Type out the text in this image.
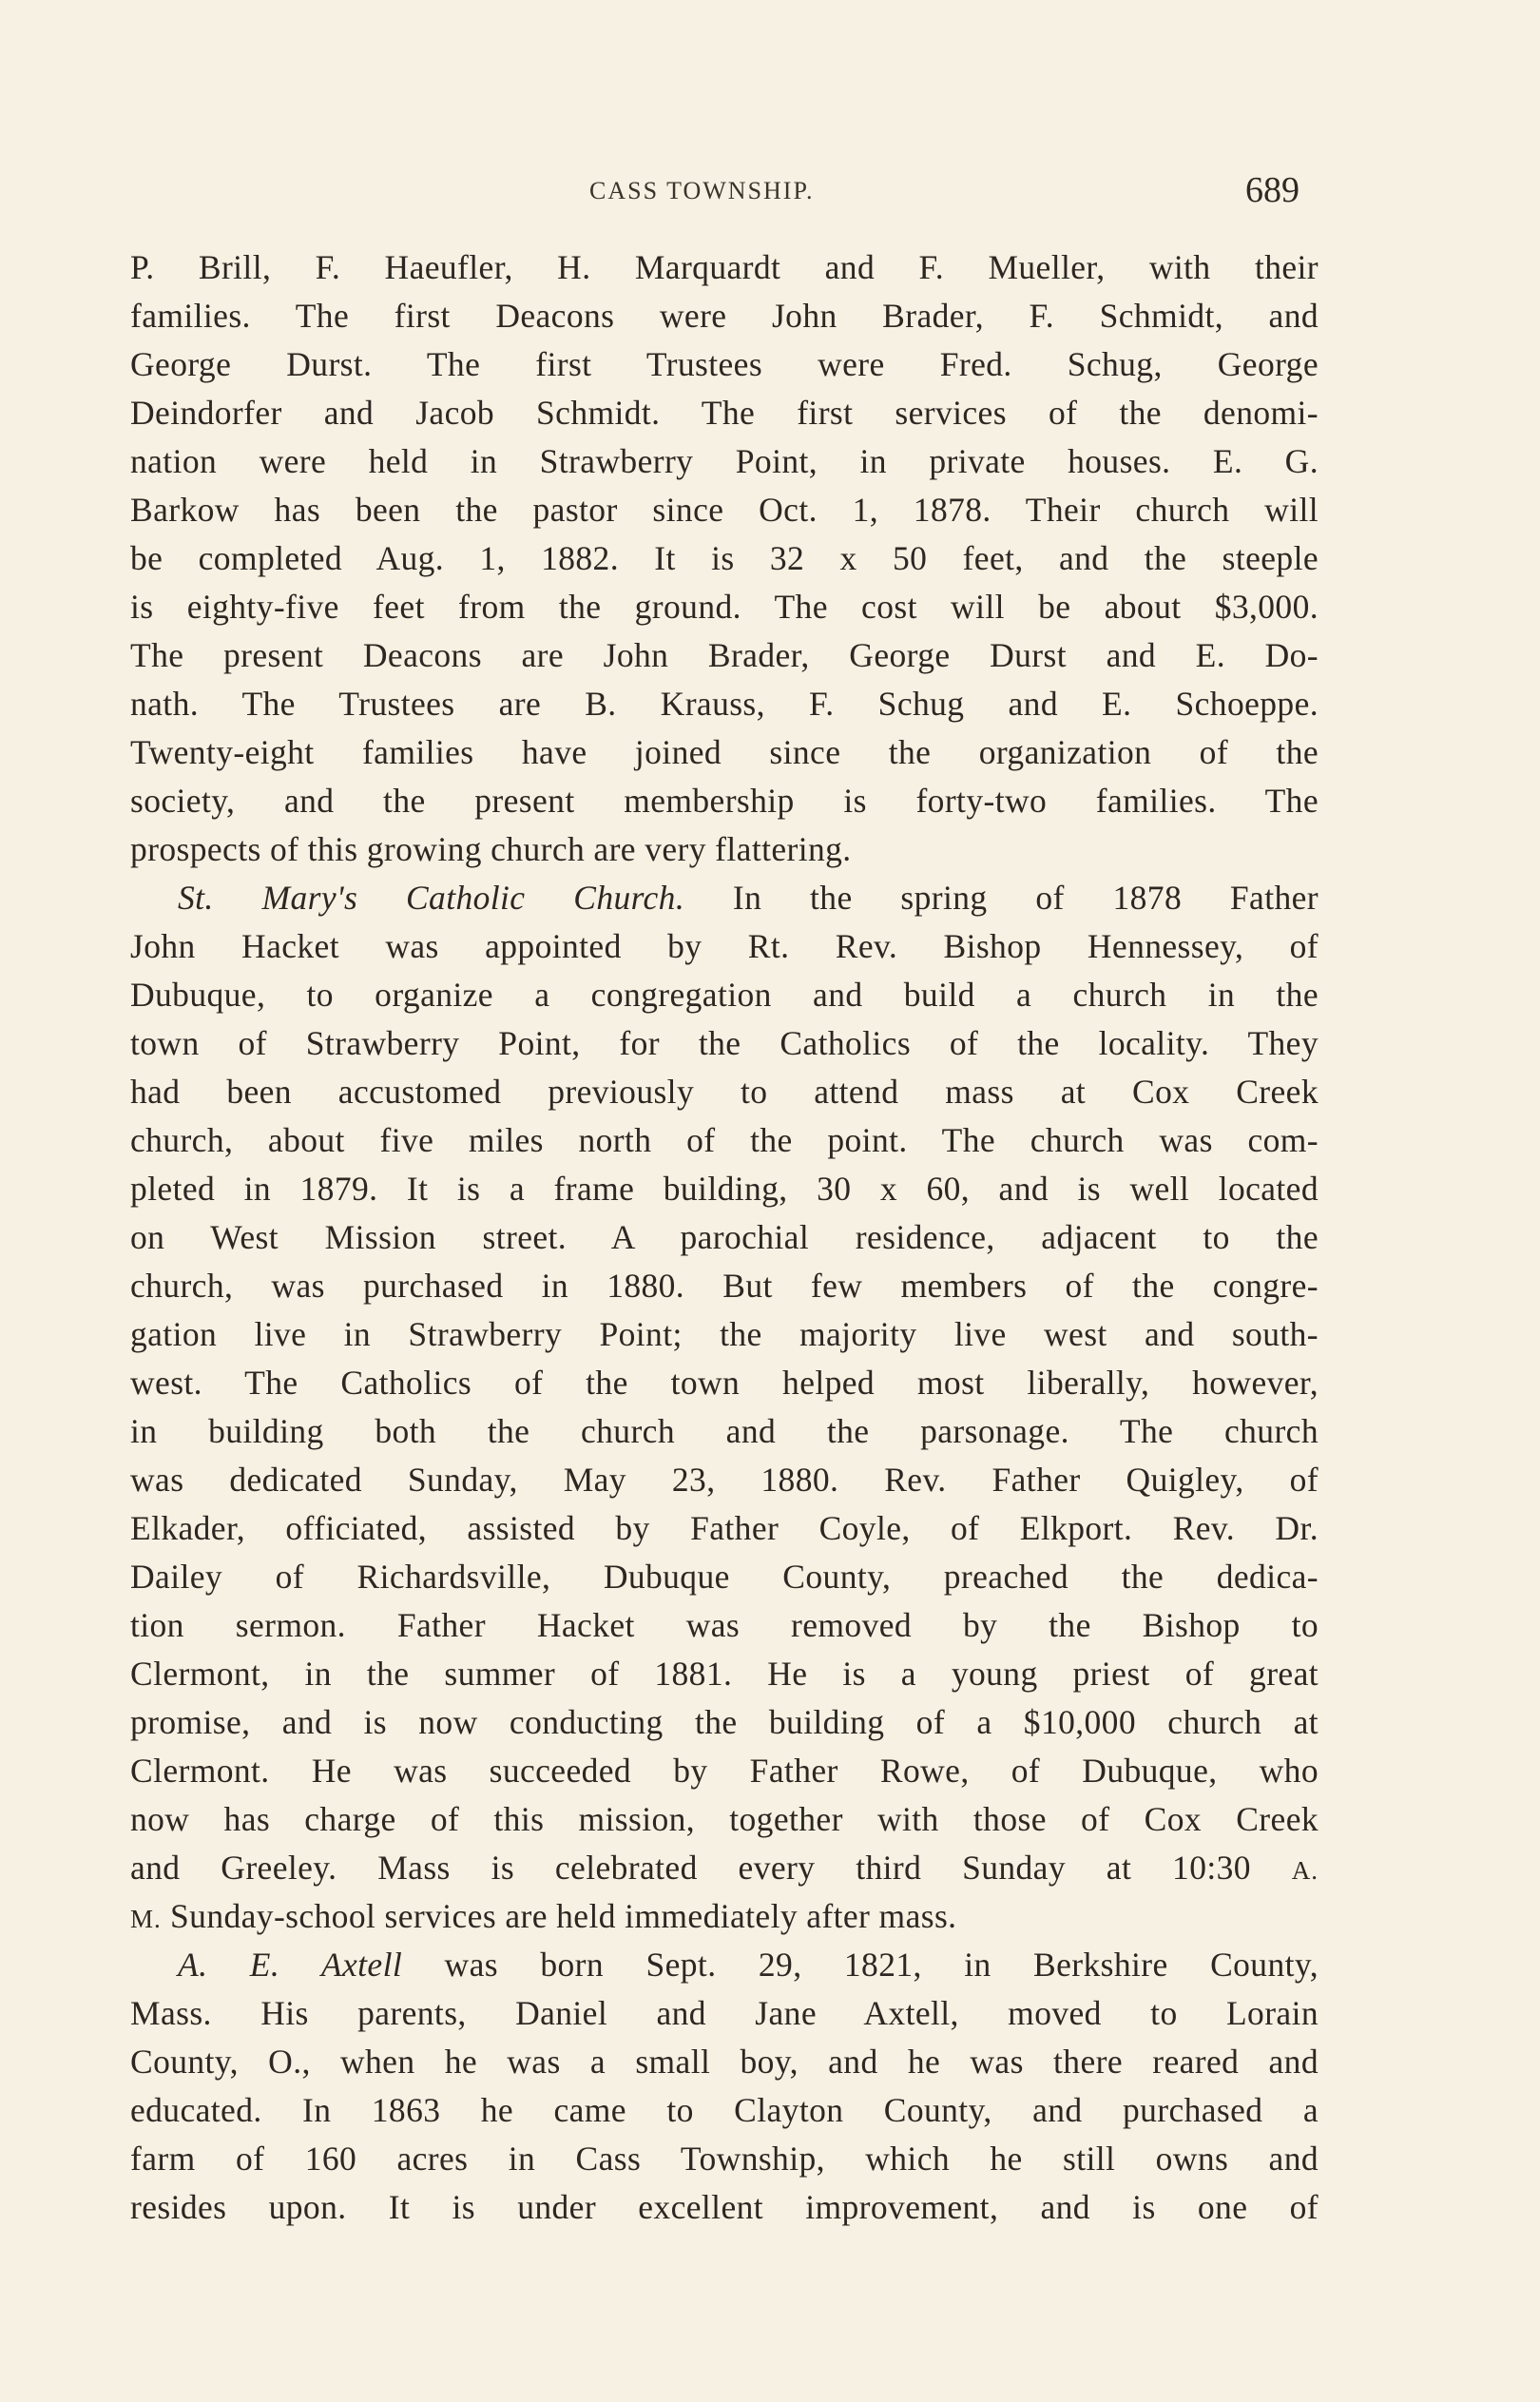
CASS TOWNSHIP.	689
P. Brill, F. Haeufler, H. Marquardt and F. Mueller, with their
families. The first Deacons were John Brader, F. Schmidt, and
George Durst. The first Trustees were Fred. Schug, George
Deindorfer and Jacob Schmidt. The first services of the denomi-
nation were held in Strawberry Point, in private houses. E. G.
Barkow has been the pastor since Oct. 1, 1878. Their church will
be completed Aug. 1, 1882. It is 32 x 50 feet, and the steeple
is eighty-five feet from the ground. The cost will be about $3,000.
The present Deacons are John Brader, George Durst and E. Do-
nath. The Trustees are B. Krauss, F. Schug and E. Schoeppe.
Twenty-eight families have joined since the organization of the
society, and the present membership is forty-two families. The
prospects of this growing church are very flattering.
St. Mary's Catholic Church. In the spring of 1878 Father
John Hacket was appointed by Rt. Rev. Bishop Hennessey, of
Dubuque, to organize a congregation and build a church in the
town of Strawberry Point, for the Catholics of the locality. They
had been accustomed previously to attend mass at Cox Creek
church, about five miles north of the point. The church was com-
pleted in 1879. It is a frame building, 30 x 60, and is well located
on West Mission street. A parochial residence, adjacent to the
church, was purchased in 1880. But few members of the congre-
gation live in Strawberry Point; the majority live west and south-
west. The Catholics of the town helped most liberally, however,
in building both the church and the parsonage. The church
was dedicated Sunday, May 23, 1880. Rev. Father Quigley, of
Elkader, officiated, assisted by Father Coyle, of Elkport. Rev. Dr.
Dailey of Richardsville, Dubuque County, preached the dedica-
tion sermon. Father Hacket was removed by the Bishop to
Clermont, in the summer of 1881. He is a young priest of great
promise, and is now conducting the building of a $10,000 church at
Clermont. He was succeeded by Father Rowe, of Dubuque, who
now has charge of this mission, together with those of Cox Creek
and Greeley. Mass is celebrated every third Sunday at 10:30 A.
M. Sunday-school services are held immediately after mass.
A. E. Axtell was born Sept. 29, 1821, in Berkshire County,
Mass. His parents, Daniel and Jane Axtell, moved to Lorain
County, O., when he was a small boy, and he was there reared and
educated. In 1863 he came to Clayton County, and purchased a
farm of 160 acres in Cass Township, which he still owns and
resides upon. It is under excellent improvement, and is one of
